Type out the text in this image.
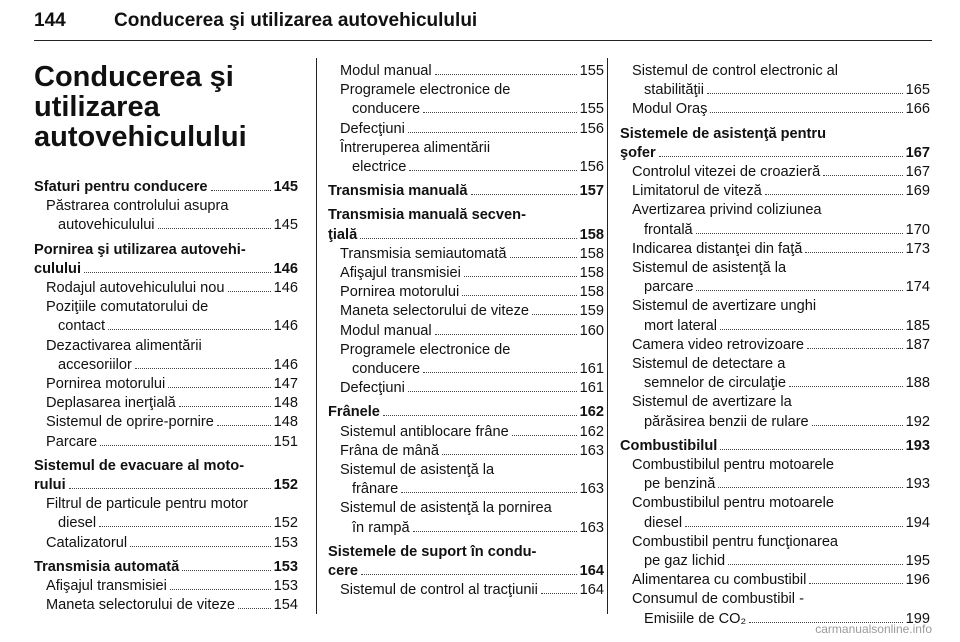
144	Conducerea şi utilizarea autovehiculului
Conducerea şi
utilizarea
autovehiculului
Sfaturi pentru conducere	145
Păstrarea controlului asupra
autovehiculului	145
Pornirea şi utilizarea autovehi-
culului	146
Rodajul autovehiculului nou	146
Poziţiile comutatorului de
contact	146
Dezactivarea alimentării
accesoriilor	146
Pornirea motorului	147
Deplasarea inerţială	148
Sistemul de oprire-pornire	148
Parcare	151
Sistemul de evacuare al moto-
rului	152
Filtrul de particule pentru motor
diesel	152
Catalizatorul	153
Transmisia automată	153
Afişajul transmisiei	153
Maneta selectorului de viteze	154
Modul manual	155
Programele electronice de
conducere	155
Defecţiuni	156
Întreruperea alimentării
electrice	156
Transmisia manuală	157
Transmisia manuală secven-
ţială	158
Transmisia semiautomată	158
Afişajul transmisiei	158
Pornirea motorului	158
Maneta selectorului de viteze	159
Modul manual	160
Programele electronice de
conducere	161
Defecţiuni	161
Frânele	162
Sistemul antiblocare frâne	162
Frâna de mână	163
Sistemul de asistenţă la
frânare	163
Sistemul de asistenţă la pornirea
în rampă	163
Sistemele de suport în condu-
cere	164
Sistemul de control al tracţiunii	164
Sistemul de control electronic al
stabilităţii	165
Modul Oraş	166
Sistemele de asistenţă pentru
şofer	167
Controlul vitezei de croazieră	167
Limitatorul de viteză	169
Avertizarea privind coliziunea
frontală	170
Indicarea distanţei din faţă	173
Sistemul de asistenţă la
parcare	174
Sistemul de avertizare unghi
mort lateral	185
Camera video retrovizoare	187
Sistemul de detectare a
semnelor de circulaţie	188
Sistemul de avertizare la
părăsirea benzii de rulare	192
Combustibilul	193
Combustibilul pentru motoarele
pe benzină	193
Combustibilul pentru motoarele
diesel	194
Combustibil pentru funcţionarea
pe gaz lichid	195
Alimentarea cu combustibil	196
Consumul de combustibil -
Emisiile de CO₂	199
carmanualsonline.info
